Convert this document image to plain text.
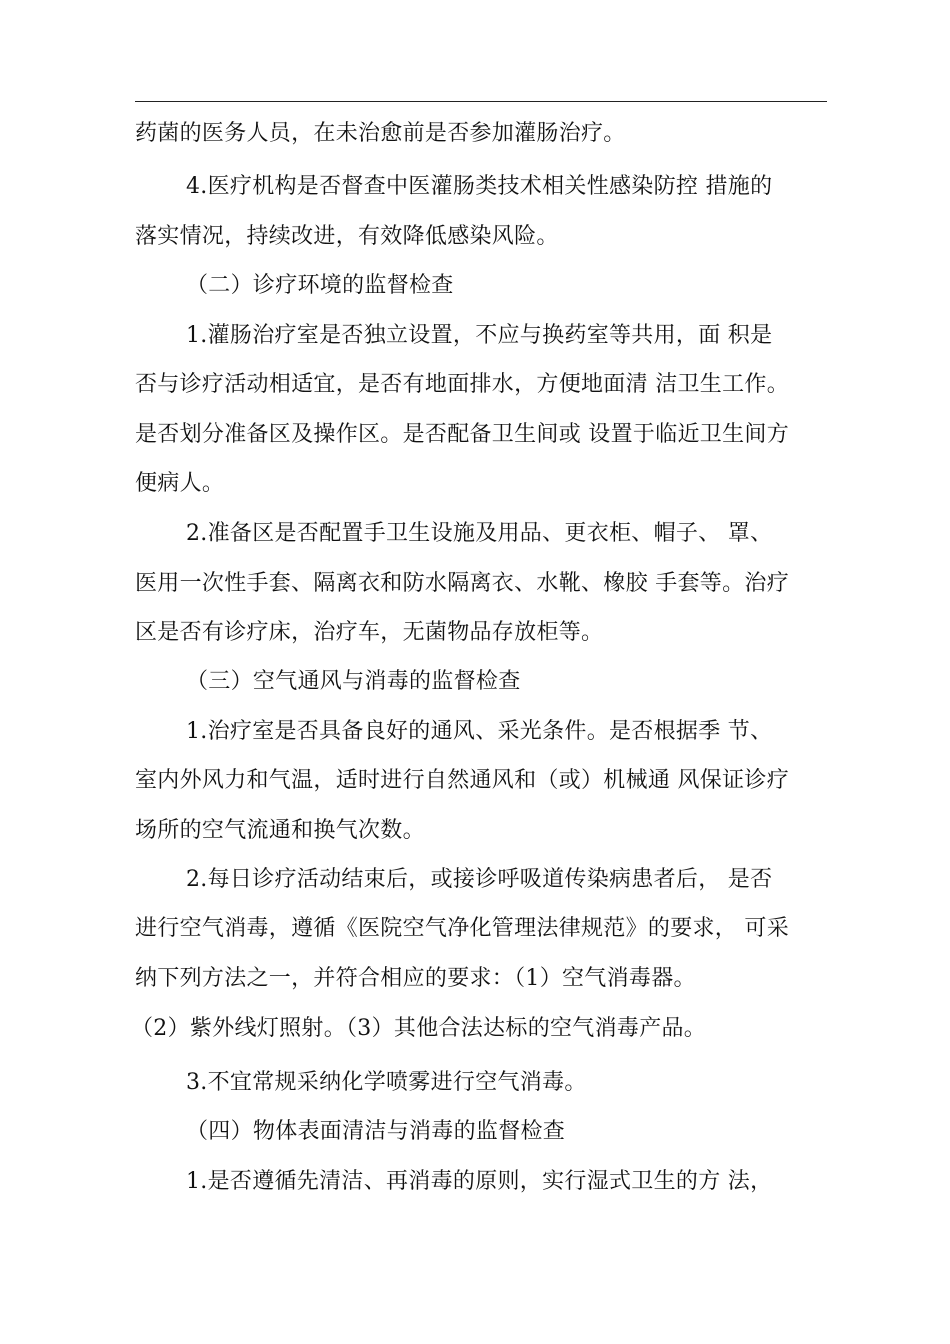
药菌的医务人员，在未治愈前是否参加灌肠治疗。
4.医疗机构是否督查中医灌肠类技术相关性感染防控 措施的
落实情况，持续改进，有效降低感染风险。
（二）诊疗环境的监督检查
1.灌肠治疗室是否独立设置，不应与换药室等共用，面 积是
否与诊疗活动相适宜，是否有地面排水，方便地面清 洁卫生工作。
是否划分准备区及操作区。是否配备卫生间或 设置于临近卫生间方
便病人。
2.准备区是否配置手卫生设施及用品、更衣柜、帽子、 罩、
医用一次性手套、隔离衣和防水隔离衣、水靴、橡胶 手套等。治疗
区是否有诊疗床，治疗车，无菌物品存放柜等。
（三）空气通风与消毒的监督检查
1.治疗室是否具备良好的通风、采光条件。是否根据季 节、
室内外风力和气温，适时进行自然通风和（或）机械通 风保证诊疗
场所的空气流通和换气次数。
2.每日诊疗活动结束后，或接诊呼吸道传染病患者后， 是否
进行空气消毒，遵循《医院空气净化管理法律规范》的要求， 可采
纳下列方法之一，并符合相应的要求：（1）空气消毒器。
（2）紫外线灯照射。（3）其他合法达标的空气消毒产品。
3.不宜常规采纳化学喷雾进行空气消毒。
（四）物体表面清洁与消毒的监督检查
1.是否遵循先清洁、再消毒的原则，实行湿式卫生的方 法，
